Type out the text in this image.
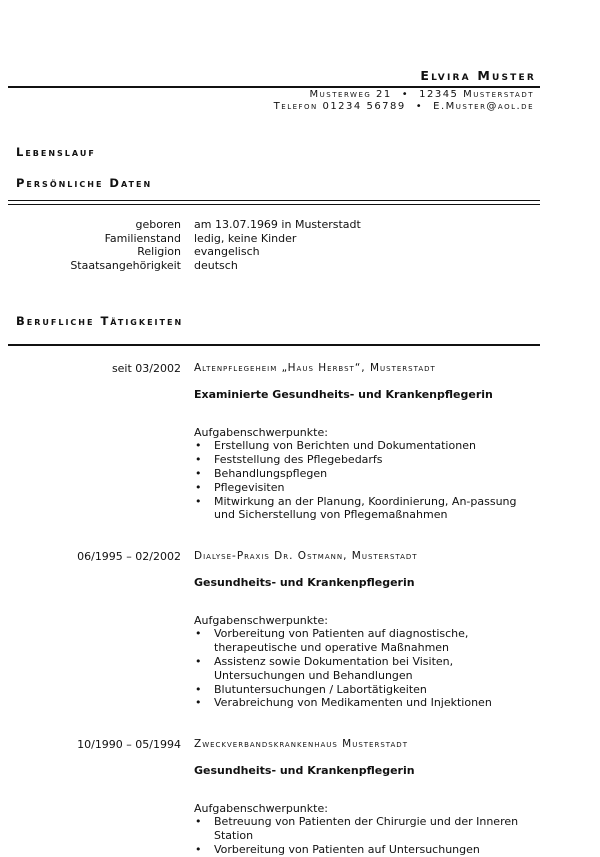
Elvira Muster
Musterweg 21 • 12345 Musterstadt
Telefon 01234 56789 • E.Muster@aol.de
Lebenslauf
Persönliche Daten
geboren	am 13.07.1969 in Musterstadt
Familienstand	ledig, keine Kinder
Religion	evangelisch
Staatsangehörigkeit	deutsch
Berufliche Tätigkeiten
seit 03/2002	Altenpflegeheim „Haus Herbst“, Musterstadt
Examinierte Gesundheits- und Krankenpflegerin
Aufgabenschwerpunkte:
• Erstellung von Berichten und Dokumentationen
• Feststellung des Pflegebedarfs
• Behandlungspflegen
• Pflegevisiten
• Mitwirkung an der Planung, Koordinierung, An-passung und Sicherstellung von Pflegemaßnahmen
06/1995 – 02/2002	Dialyse-Praxis Dr. Ostmann, Musterstadt
Gesundheits- und Krankenpflegerin
Aufgabenschwerpunkte:
• Vorbereitung von Patienten auf diagnostische, therapeutische und operative Maßnahmen
• Assistenz sowie Dokumentation bei Visiten, Untersuchungen und Behandlungen
• Blutuntersuchungen / Labortätigkeiten
• Verabreichung von Medikamenten und Injektionen
10/1990 – 05/1994	Zweckverbandskrankenhaus Musterstadt
Gesundheits- und Krankenpflegerin
Aufgabenschwerpunkte:
• Betreuung von Patienten der Chirurgie und der Inneren Station
• Vorbereitung von Patienten auf Untersuchungen
